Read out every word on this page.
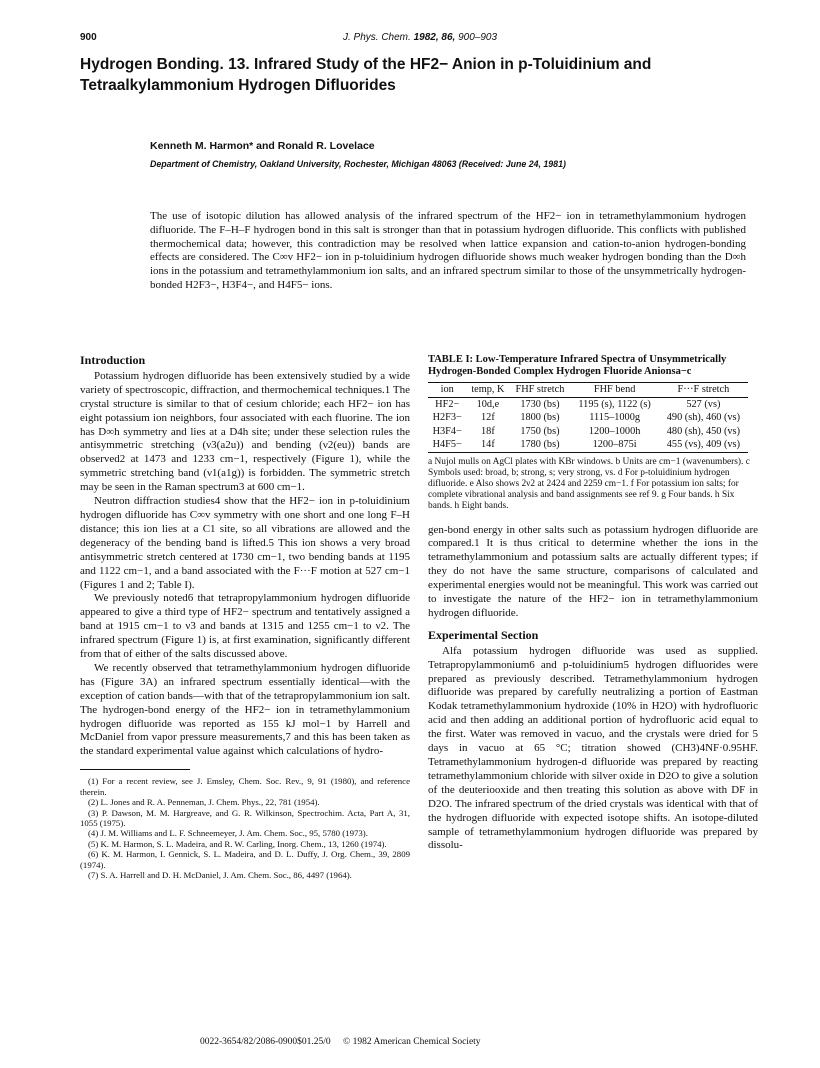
900	J. Phys. Chem. 1982, 86, 900–903
Hydrogen Bonding. 13. Infrared Study of the HF2− Anion in p-Toluidinium and Tetraalkylammonium Hydrogen Difluorides
Kenneth M. Harmon* and Ronald R. Lovelace
Department of Chemistry, Oakland University, Rochester, Michigan 48063 (Received: June 24, 1981)
The use of isotopic dilution has allowed analysis of the infrared spectrum of the HF2− ion in tetramethylammonium hydrogen difluoride. The F–H–F hydrogen bond in this salt is stronger than that in potassium hydrogen difluoride. This conflicts with published thermochemical data; however, this contradiction may be resolved when lattice expansion and cation-to-anion hydrogen-bonding effects are considered. The C∞v HF2− ion in p-toluidinium hydrogen difluoride shows much weaker hydrogen bonding than the D∞h ions in the potassium and tetramethylammonium ion salts, and an infrared spectrum similar to those of the unsymmetrically hydrogen-bonded H2F3−, H3F4−, and H4F5− ions.
Introduction

Potassium hydrogen difluoride has been extensively studied by a wide variety of spectroscopic, diffraction, and thermochemical techniques.1 The crystal structure is similar to that of cesium chloride; each HF2− ion has eight potassium ion neighbors, four associated with each fluorine. The ion has D∞h symmetry and lies at a D4h site; under these selection rules the antisymmetric stretching (ν3(a2u)) and bending (ν2(eu)) bands are observed2 at 1473 and 1233 cm−1, respectively (Figure 1), while the symmetric stretching band (ν1(a1g)) is forbidden. The symmetric stretch may be seen in the Raman spectrum3 at 600 cm−1.

Neutron diffraction studies4 show that the HF2− ion in p-toluidinium hydrogen difluoride has C∞v symmetry with one short and one long F–H distance; this ion lies at a C1 site, so all vibrations are allowed and the degeneracy of the bending band is lifted.5 This ion shows a very broad antisymmetric stretch centered at 1730 cm−1, two bending bands at 1195 and 1122 cm−1, and a band associated with the F···F motion at 527 cm−1 (Figures 1 and 2; Table I).

We previously noted6 that tetrapropylammonium hydrogen difluoride appeared to give a third type of HF2− spectrum and tentatively assigned a band at 1915 cm−1 to ν3 and bands at 1315 and 1255 cm−1 to ν2. The infrared spectrum (Figure 1) is, at first examination, significantly different from that of either of the salts discussed above.

We recently observed that tetramethylammonium hydrogen difluoride has (Figure 3A) an infrared spectrum essentially identical—with the exception of cation bands—with that of the tetrapropylammonium ion salt. The hydrogen-bond energy of the HF2− ion in tetramethylammonium hydrogen difluoride was reported as 155 kJ mol−1 by Harrell and McDaniel from vapor pressure measurements,7 and this has been taken as the standard experimental value against which calculations of hydro-

(1) For a recent review, see J. Emsley, Chem. Soc. Rev., 9, 91 (1980), and reference therein.

(2) L. Jones and R. A. Penneman, J. Chem. Phys., 22, 781 (1954).

(3) P. Dawson, M. M. Hargreave, and G. R. Wilkinson, Spectrochim. Acta, Part A, 31, 1055 (1975).

(4) J. M. Williams and L. F. Schneemeyer, J. Am. Chem. Soc., 95, 5780 (1973).

(5) K. M. Harmon, S. L. Madeira, and R. W. Carling, Inorg. Chem., 13, 1260 (1974).

(6) K. M. Harmon, I. Gennick, S. L. Madeira, and D. L. Duffy, J. Org. Chem., 39, 2809 (1974).

(7) S. A. Harrell and D. H. McDaniel, J. Am. Chem. Soc., 86, 4497 (1964).

TABLE I: Low-Temperature Infrared Spectra of Unsymmetrically Hydrogen-Bonded Complex Hydrogen Fluoride Anionsa−c
ion	temp, K	FHF stretch	FHF bend	F···F stretch
HF2−	10d,e	1730 (bs)	1195 (s), 1122 (s)	527 (vs)
H2F3−	12f	1800 (bs)	1115–1000g	490 (sh), 460 (vs)
H3F4−	18f	1750 (bs)	1200–1000h	480 (sh), 450 (vs)
H4F5−	14f	1780 (bs)	1200–875i	455 (vs), 409 (vs)
a Nujol mulls on AgCl plates with KBr windows. b Units are cm−1 (wavenumbers). c Symbols used: broad, b; strong, s; very strong, vs. d For p-toluidinium hydrogen difluoride. e Also shows 2ν2 at 2424 and 2259 cm−1. f For potassium ion salts; for complete vibrational analysis and band assignments see ref 9. g Four bands. h Six bands. h Eight bands.

gen-bond energy in other salts such as potassium hydrogen difluoride are compared.1 It is thus critical to determine whether the ions in the tetramethylammonium and potassium salts are actually different types; if they do not have the same structure, comparisons of calculated and experimental energies would not be meaningful. This work was carried out to investigate the nature of the HF2− ion in tetramethylammonium hydrogen difluoride.

Experimental Section

Alfa potassium hydrogen difluoride was used as supplied. Tetrapropylammonium6 and p-toluidinium5 hydrogen difluorides were prepared as previously described. Tetramethylammonium hydrogen difluoride was prepared by carefully neutralizing a portion of Eastman Kodak tetramethylammonium hydroxide (10% in H2O) with hydrofluoric acid and then adding an additional portion of hydrofluoric acid equal to the first. Water was removed in vacuo, and the crystals were dried for 5 days in vacuo at 65 °C; titration showed (CH3)4NF·0.95HF. Tetramethylammonium hydrogen-d difluoride was prepared by reacting tetramethylammonium chloride with silver oxide in D2O to give a solution of the deuteriooxide and then treating this solution as above with DF in D2O. The infrared spectrum of the dried crystals was identical with that of the hydrogen difluoride with expected isotope shifts. An isotope-diluted sample of tetramethylammonium hydrogen difluoride was prepared by dissolu-

0022-3654/82/2086-0900$01.25/0 © 1982 American Chemical Society
